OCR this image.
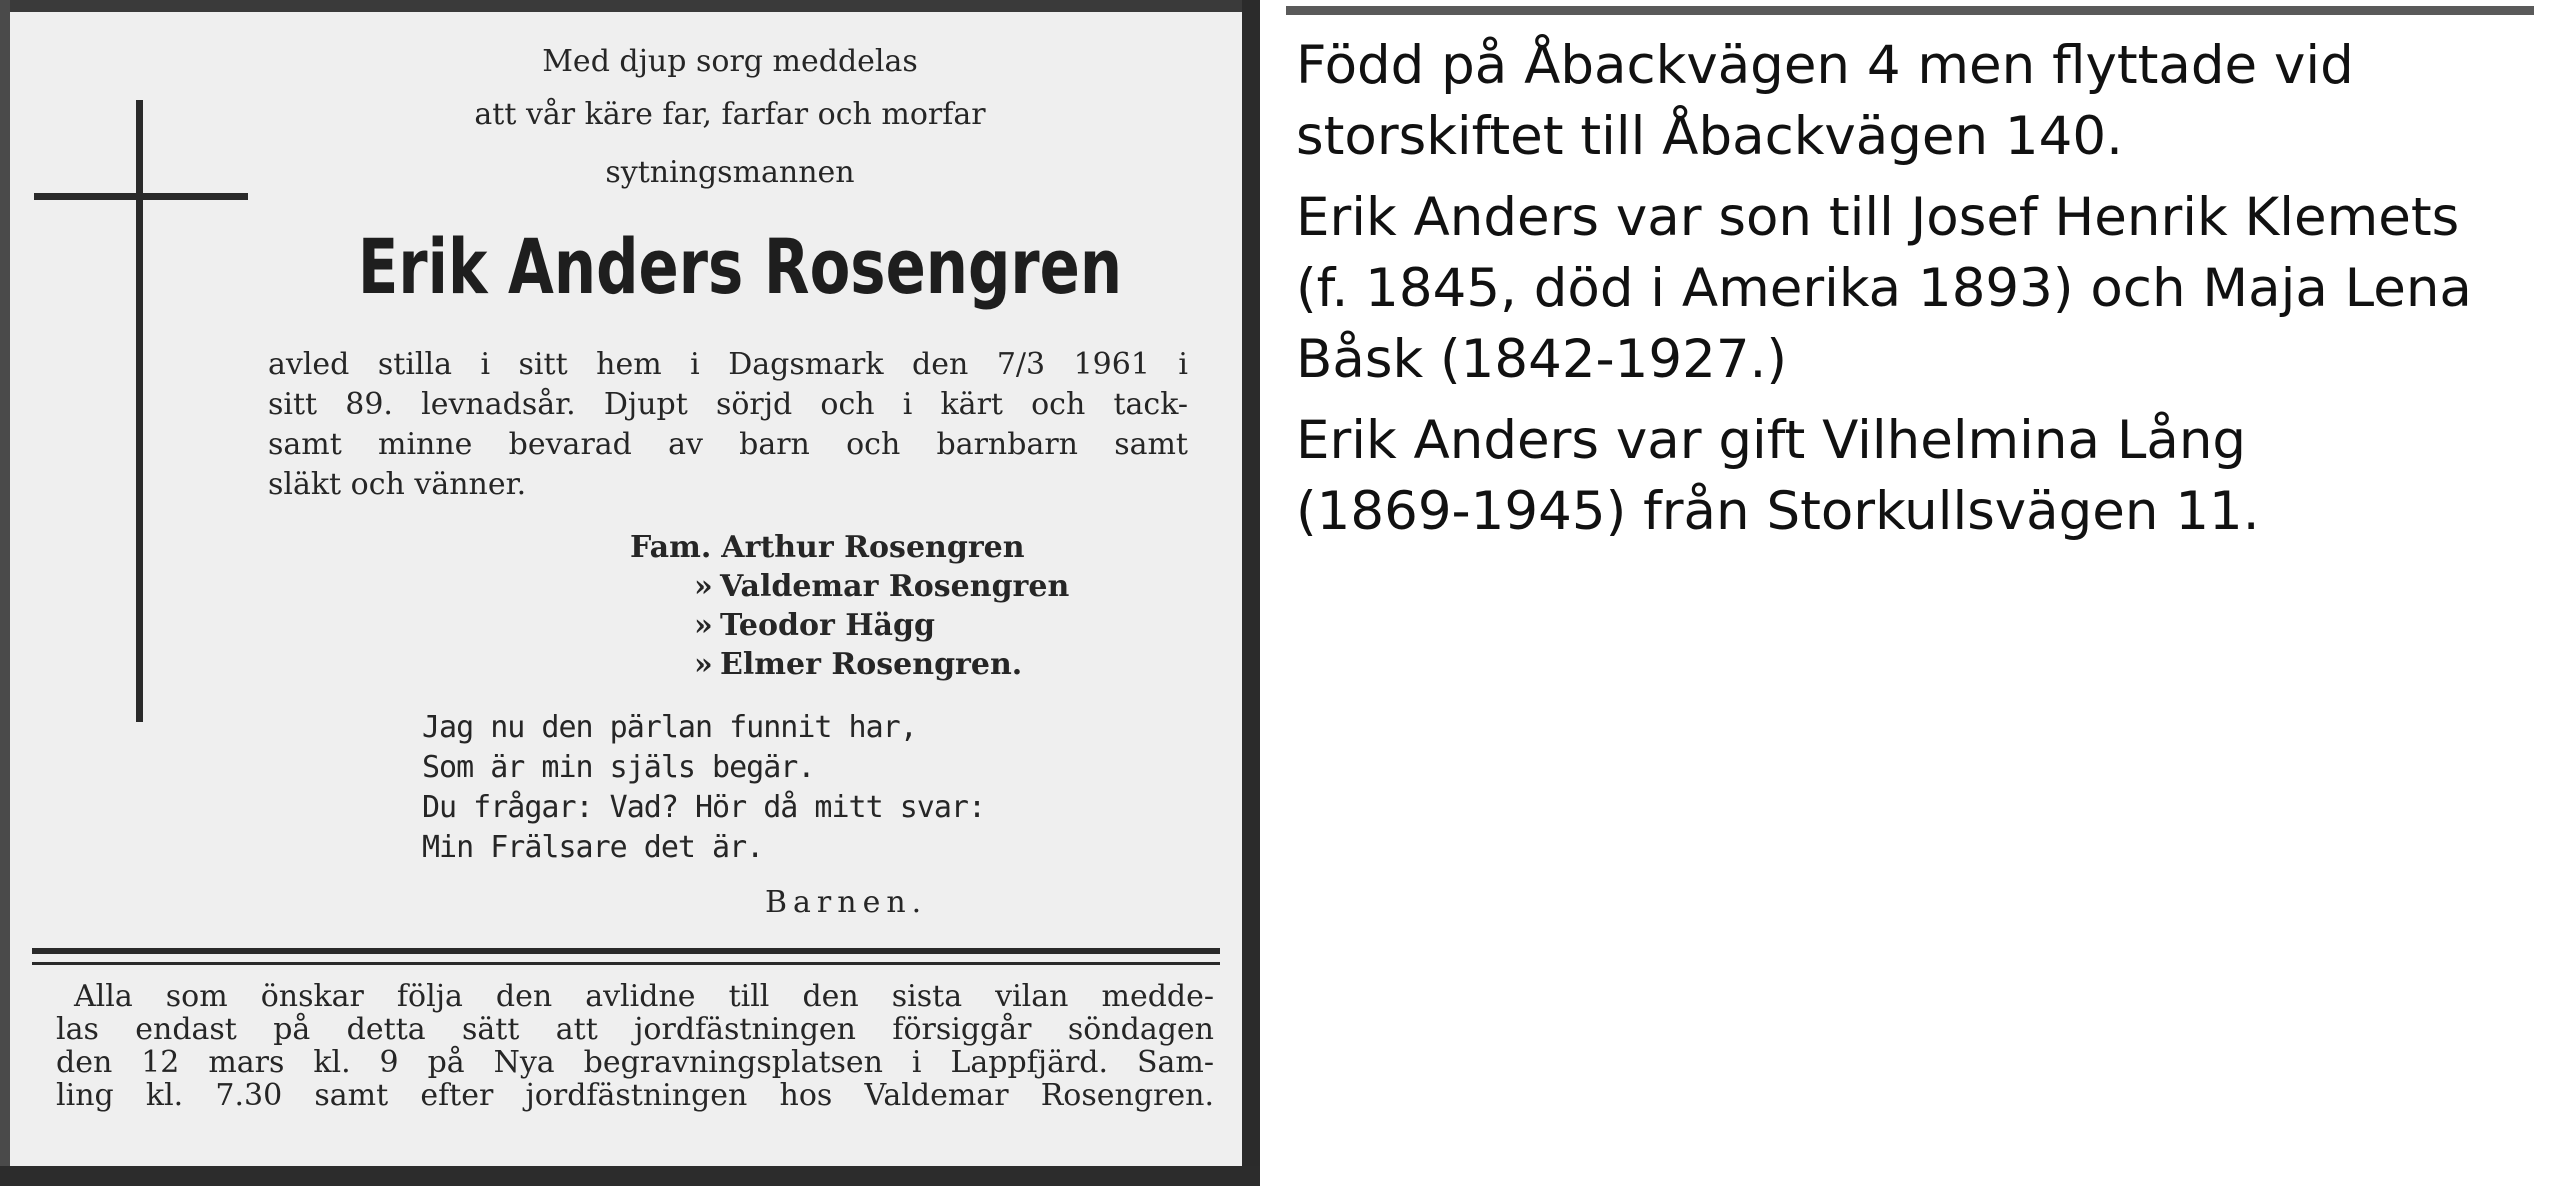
Med djup sorg meddelas
att vår käre far, farfar och morfar
sytningsmannen
Erik Anders Rosengren
avled stilla i sitt hem i Dagsmark den 7/3 1961 i
sitt 89. levnadsår. Djupt sörjd och i kärt och tack-
samt minne bevarad av barn och barnbarn samt
släkt och vänner.
Fam. Arthur Rosengren
» Valdemar Rosengren
» Teodor Hägg
» Elmer Rosengren.
Jag nu den pärlan funnit har,
Som är min själs begär.
Du frågar: Vad? Hör då mitt svar:
Min Frälsare det är.
Barnen.
Alla som önskar följa den avlidne till den sista vilan medde-
las endast på detta sätt att jordfästningen försiggår söndagen
den 12 mars kl. 9 på Nya begravningsplatsen i Lappfjärd. Sam-
ling kl. 7.30 samt efter jordfästningen hos Valdemar Rosengren.

Född på Åbackvägen 4 men flyttade vid
storskiftet till Åbackvägen 140.

Erik Anders var son till Josef Henrik Klemets
(f. 1845, död i Amerika 1893) och Maja Lena
Båsk (1842-1927.)

Erik Anders var gift Vilhelmina Lång
(1869-1945) från Storkullsvägen 11.
